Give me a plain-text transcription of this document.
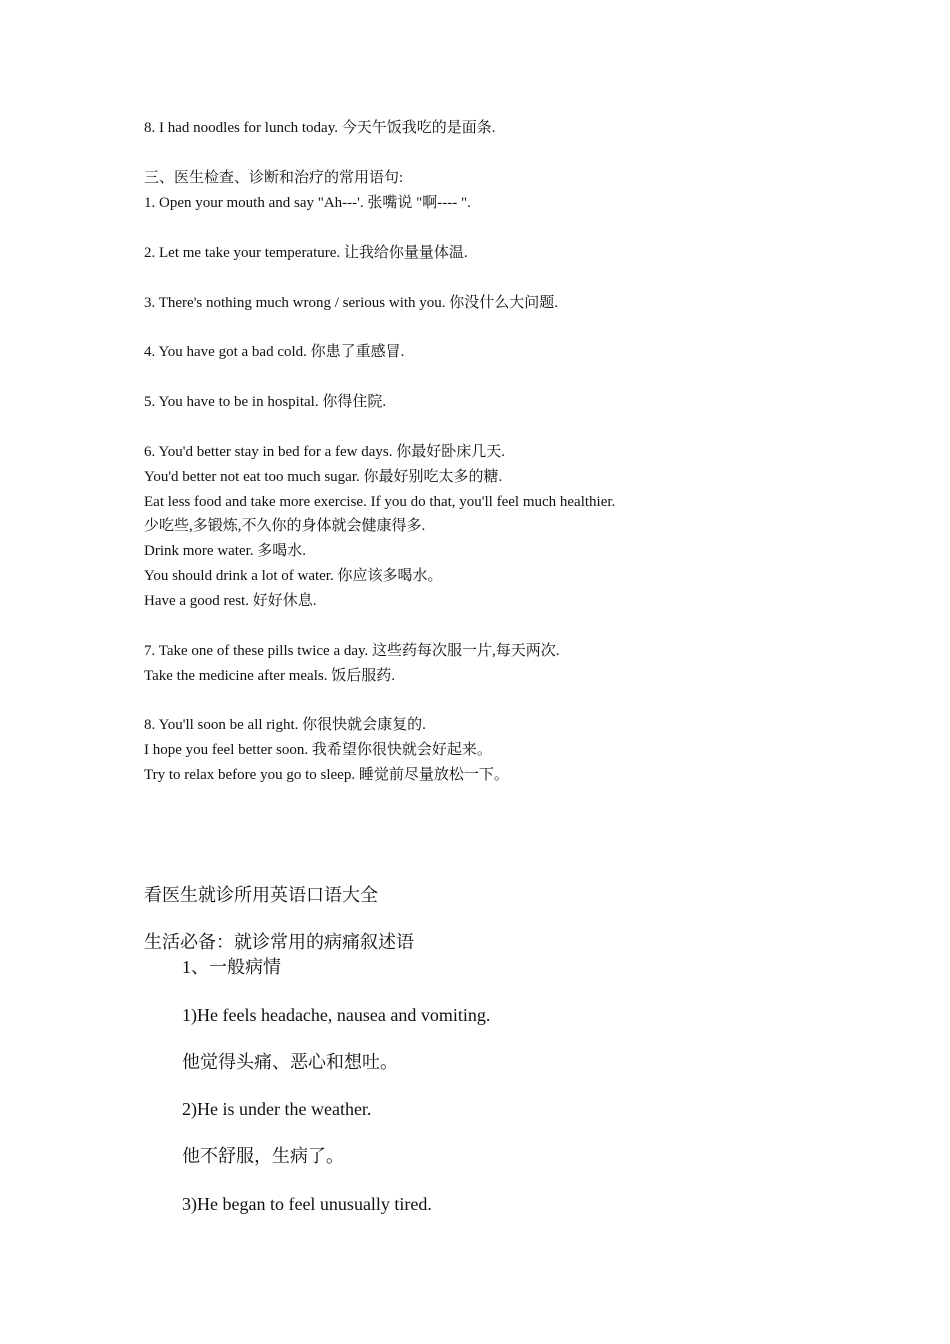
8. I had noodles for lunch today. 今天午饭我吃的是面条.
三、医生检查、诊断和治疗的常用语句:
1. Open your mouth and say "Ah---'. 张嘴说 "啊---- ".
2. Let me take your temperature. 让我给你量量体温.
3. There's nothing much wrong / serious with you. 你没什么大问题.
4. You have got a bad cold. 你患了重感冒.
5. You have to be in hospital. 你得住院.
6. You'd better stay in bed for a few days. 你最好卧床几天.
You'd better not eat too much sugar. 你最好别吃太多的糖.
Eat less food and take more exercise. If you do that, you'll feel much healthier.
少吃些,多锻炼,不久你的身体就会健康得多.
Drink more water. 多喝水.
You should drink a lot of water. 你应该多喝水。
Have a good rest. 好好休息.
7. Take one of these pills twice a day. 这些药每次服一片,每天两次.
Take the medicine after meals. 饭后服药.
8. You'll soon be all right. 你很快就会康复的.
I hope you feel better soon. 我希望你很快就会好起来。
Try to relax before you go to sleep. 睡觉前尽量放松一下。
看医生就诊所用英语口语大全
生活必备：就诊常用的病痛叙述语
1、一般病情
1)He feels headache, nausea and vomiting.
他觉得头痛、恶心和想吐。
2)He is under the weather.
他不舒服，生病了。
3)He began to feel unusually tired.
